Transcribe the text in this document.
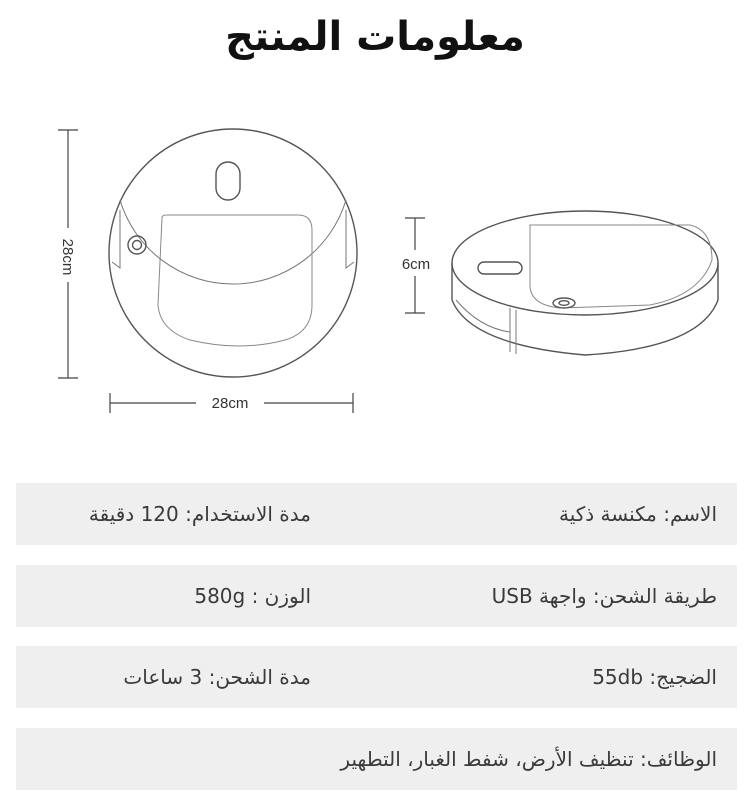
معلومات المنتج
28cm
28cm
6cm
الاسم: مكنسة ذكية
مدة الاستخدام: 120 دقيقة
طريقة الشحن: واجهة USB
الوزن : 580g
الضجيج: 55db
مدة الشحن: 3 ساعات
الوظائف: تنظيف الأرض، شفط الغبار، التطهير
